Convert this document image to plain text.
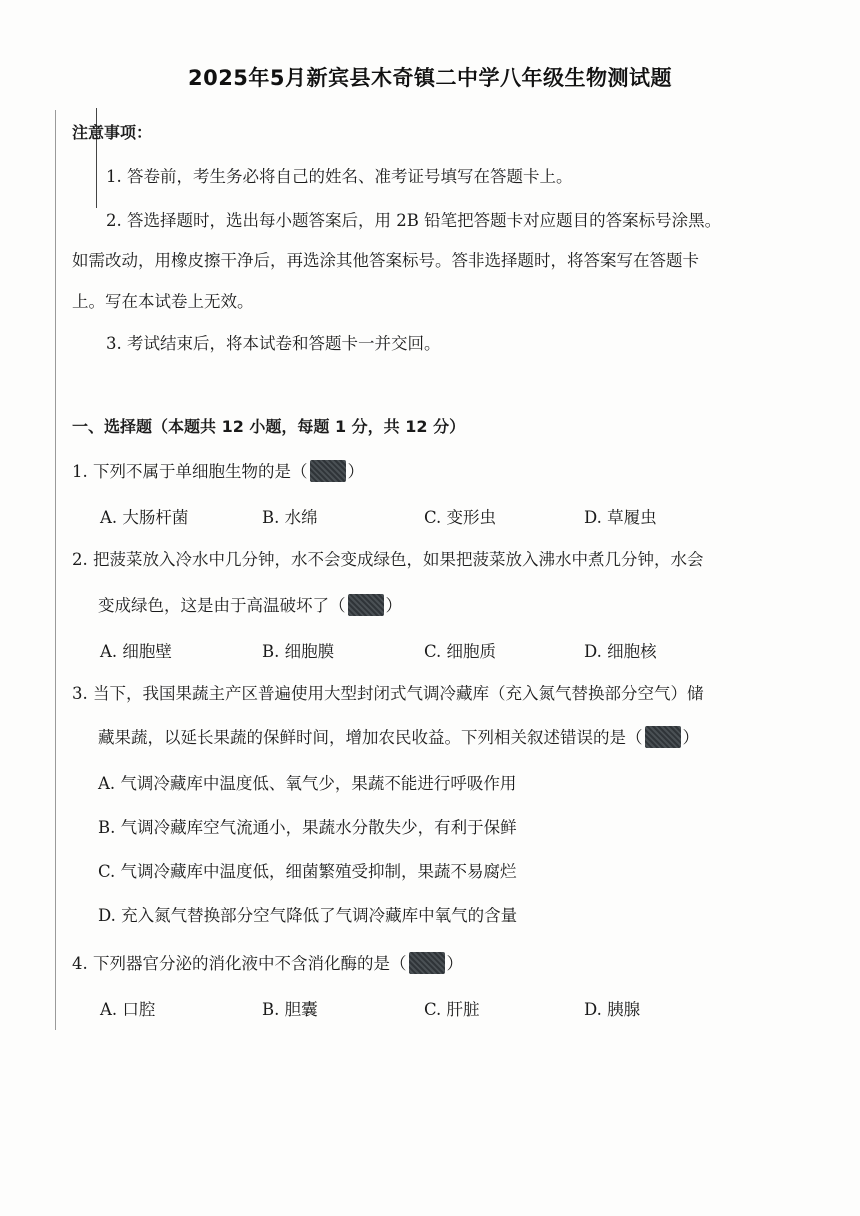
2025年5月新宾县木奇镇二中学八年级生物测试题
注意事项：
1. 答卷前，考生务必将自己的姓名、准考证号填写在答题卡上。
2. 答选择题时，选出每小题答案后，用 2B 铅笔把答题卡对应题目的答案标号涂黑。
如需改动，用橡皮擦干净后，再选涂其他答案标号。答非选择题时，将答案写在答题卡
上。写在本试卷上无效。
3. 考试结束后，将本试卷和答题卡一并交回。
一、选择题（本题共 12 小题，每题 1 分，共 12 分）
1. 下列不属于单细胞生物的是（ ）
A. 大肠杆菌	B. 水绵	C. 变形虫	D. 草履虫
2. 把菠菜放入冷水中几分钟，水不会变成绿色，如果把菠菜放入沸水中煮几分钟，水会
变成绿色，这是由于高温破坏了（ ）
A. 细胞壁	B. 细胞膜	C. 细胞质	D. 细胞核
3. 当下，我国果蔬主产区普遍使用大型封闭式气调冷藏库（充入氮气替换部分空气）储
藏果蔬，以延长果蔬的保鲜时间，增加农民收益。下列相关叙述错误的是（ ）
A. 气调冷藏库中温度低、氧气少，果蔬不能进行呼吸作用
B. 气调冷藏库空气流通小，果蔬水分散失少，有利于保鲜
C. 气调冷藏库中温度低，细菌繁殖受抑制，果蔬不易腐烂
D. 充入氮气替换部分空气降低了气调冷藏库中氧气的含量
4. 下列器官分泌的消化液中不含消化酶的是（ ）
A. 口腔	B. 胆囊	C. 肝脏	D. 胰腺
